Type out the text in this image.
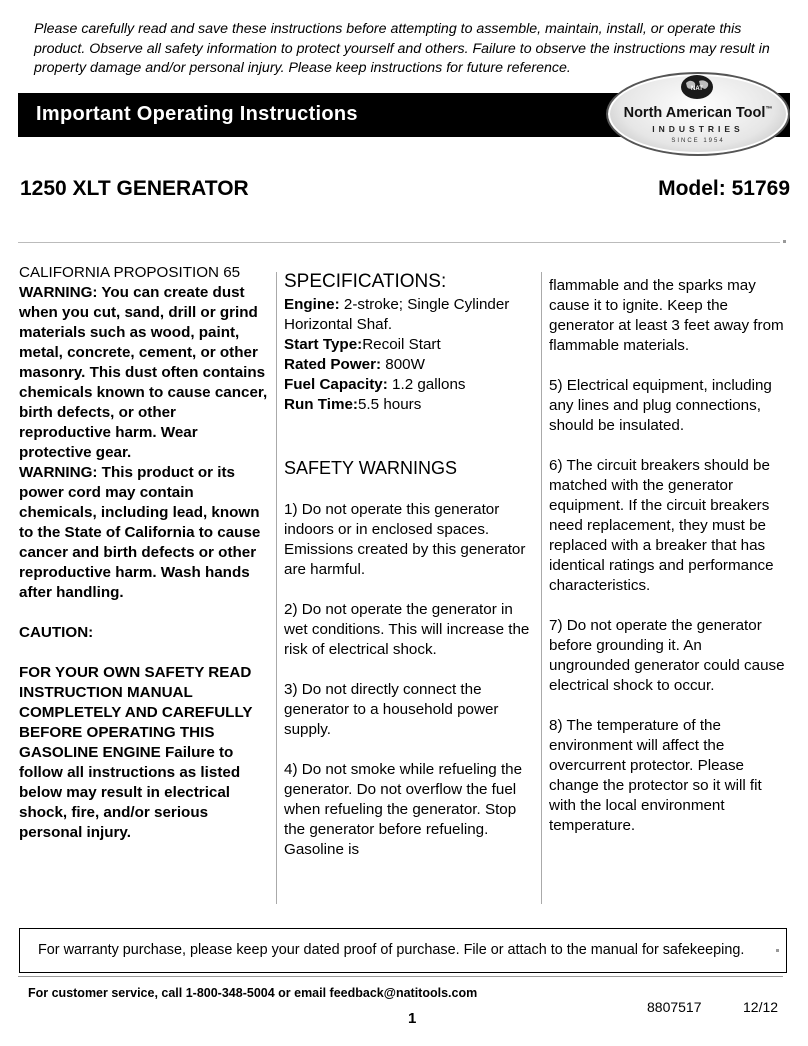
Please carefully read and save these instructions before attempting to assemble, maintain, install, or operate this product. Observe all safety information to protect yourself and others. Failure to observe the instructions may result in property damage and/or personal injury. Please keep instructions for future reference.
Important Operating Instructions
NAT
North American Tool™
INDUSTRIES
SINCE 1954
1250 XLT GENERATOR	Model: 51769
CALIFORNIA PROPOSITION 65
WARNING: You can create dust when you cut, sand, drill or grind materials such as wood, paint, metal, concrete, cement, or other masonry. This dust often contains chemicals known to cause cancer, birth defects, or other reproductive harm. Wear protective gear.
WARNING: This product or its power cord may contain chemicals, including lead, known to the State of California to cause cancer and birth defects or other reproductive harm. Wash hands after handling.
CAUTION:
FOR YOUR OWN SAFETY READ INSTRUCTION MANUAL COMPLETELY AND CAREFULLY BEFORE OPERATING THIS GASOLINE ENGINE Failure to follow all instructions as listed below may result in electrical shock, fire, and/or serious personal injury.
SPECIFICATIONS:
Engine: 2-stroke; Single Cylinder Horizontal Shaf.
Start Type:Recoil Start
Rated Power: 800W
Fuel Capacity: 1.2 gallons
Run Time:5.5 hours
SAFETY WARNINGS
1) Do not operate this generator indoors or in enclosed spaces. Emissions created by this generator are harmful.
2) Do not operate the generator in wet conditions. This will increase the risk of electrical shock.
3) Do not directly connect the generator to a household power supply.
4) Do not smoke while refueling the generator. Do not overflow the fuel when refueling the generator. Stop the generator before refueling. Gasoline is
flammable and the sparks may cause it to ignite. Keep the generator at least 3 feet away from flammable materials.
5) Electrical equipment, including any lines and plug connections, should be insulated.
6) The circuit breakers should be matched with the generator equipment. If the circuit breakers need replacement, they must be replaced with a breaker that has identical ratings and performance characteristics.
7) Do not operate the generator before grounding it. An ungrounded generator could cause electrical shock to occur.
8) The temperature of the environment will affect the overcurrent protector. Please change the protector so it will fit with the local environment temperature.
For warranty purchase, please keep your dated proof of purchase. File or attach to the manual for safekeeping.
For customer service, call 1-800-348-5004 or email feedback@natitools.com
1
8807517	12/12
